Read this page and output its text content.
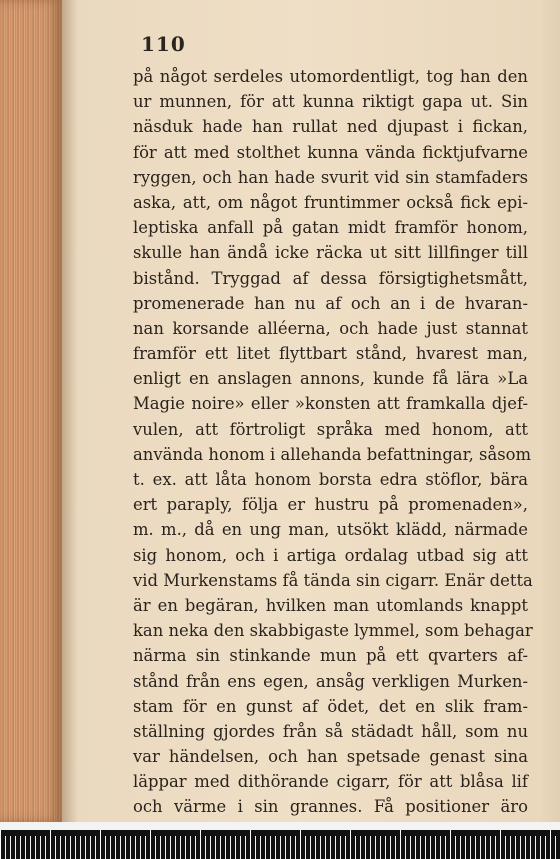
110
på något serdeles utomordentligt, tog han den
ur munnen, för att kunna riktigt gapa ut. Sin
näsduk hade han rullat ned djupast i fickan,
för att med stolthet kunna vända ficktjufvarne
ryggen, och han hade svurit vid sin stamfaders
aska, att, om något fruntimmer också fick epi-
leptiska anfall på gatan midt framför honom,
skulle han ändå icke räcka ut sitt lillfinger till
bistånd. Tryggad af dessa försigtighetsmått,
promenerade han nu af och an i de hvaran-
nan korsande alléerna, och hade just stannat
framför ett litet flyttbart stånd, hvarest man,
enligt en anslagen annons, kunde få lära »La
Magie noire» eller »konsten att framkalla djef-
vulen, att förtroligt språka med honom, att
använda honom i allehanda befattningar, såsom
t. ex. att låta honom borsta edra stöflor, bära
ert paraply, följa er hustru på promenaden»,
m. m., då en ung man, utsökt klädd, närmade
sig honom, och i artiga ordalag utbad sig att
vid Murkenstams få tända sin cigarr. Enär detta
är en begäran, hvilken man utomlands knappt
kan neka den skabbigaste lymmel, som behagar
närma sin stinkande mun på ett qvarters af-
stånd från ens egen, ansåg verkligen Murken-
stam för en gunst af ödet, det en slik fram-
ställning gjordes från så städadt håll, som nu
var händelsen, och han spetsade genast sina
läppar med dithörande cigarr, för att blåsa lif
och värme i sin grannes. Få positioner äro
